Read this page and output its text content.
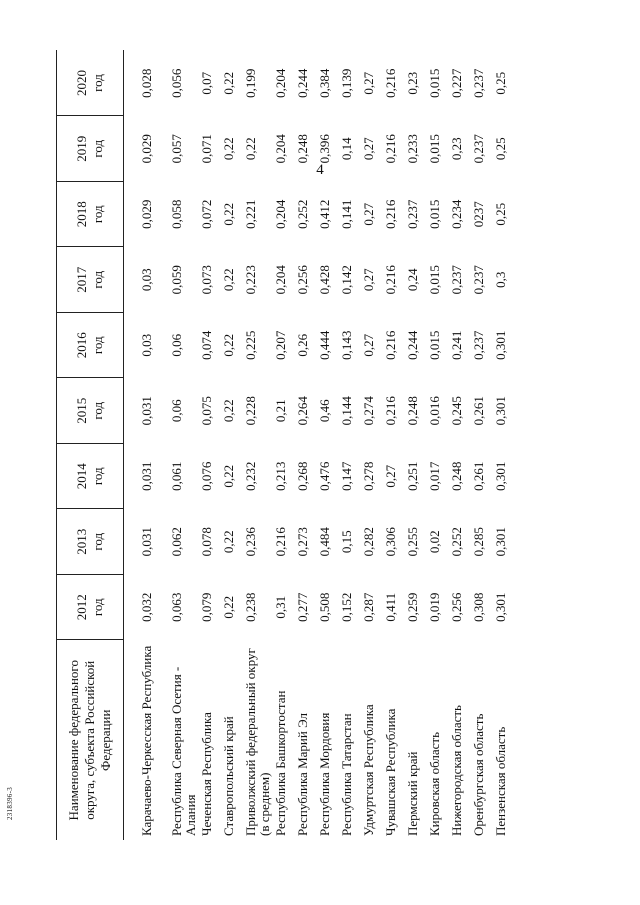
4
2318396-3	Наименование федерального округа, субъекта Российской Федерации	2012 год	2013 год	2014 год	2015 год	2016 год	2017 год	2018 год	2019 год	2020 год

Карачаево-Черкесская Республика	0,032	0,031	0,031	0,031	0,03	0,03	0,029	0,029	0,028
Республика Северная Осетия - Алания	0,063	0,062	0,061	0,06	0,06	0,059	0,058	0,057	0,056
Чеченская Республика	0,079	0,078	0,076	0,075	0,074	0,073	0,072	0,071	0,07
Ставропольский край	0,22	0,22	0,22	0,22	0,22	0,22	0,22	0,22	0,22
Приволжский федеральный округ (в среднем)	0,238	0,236	0,232	0,228	0,225	0,223	0,221	0,22	0,199
Республика Башкортостан	0,31	0,216	0,213	0,21	0,207	0,204	0,204	0,204	0,204
Республика Марий Эл	0,277	0,273	0,268	0,264	0,26	0,256	0,252	0,248	0,244
Республика Мордовия	0,508	0,484	0,476	0,46	0,444	0,428	0,412	0,396	0,384
Республика Татарстан	0,152	0,15	0,147	0,144	0,143	0,142	0,141	0,14	0,139
Удмуртская Республика	0,287	0,282	0,278	0,274	0,27	0,27	0,27	0,27	0,27
Чувашская Республика	0,411	0,306	0,27	0,216	0,216	0,216	0,216	0,216	0,216
Пермский край	0,259	0,255	0,251	0,248	0,244	0,24	0,237	0,233	0,23
Кировская область	0,019	0,02	0,017	0,016	0,015	0,015	0,015	0,015	0,015
Нижегородская область	0,256	0,252	0,248	0,245	0,241	0,237	0,234	0,23	0,227
Оренбургская область	0,308	0,285	0,261	0,261	0,237	0,237	0237	0,237	0,237
Пензенская область	0,301	0,301	0,301	0,301	0,301	0,3	0,25	0,25	0,25
